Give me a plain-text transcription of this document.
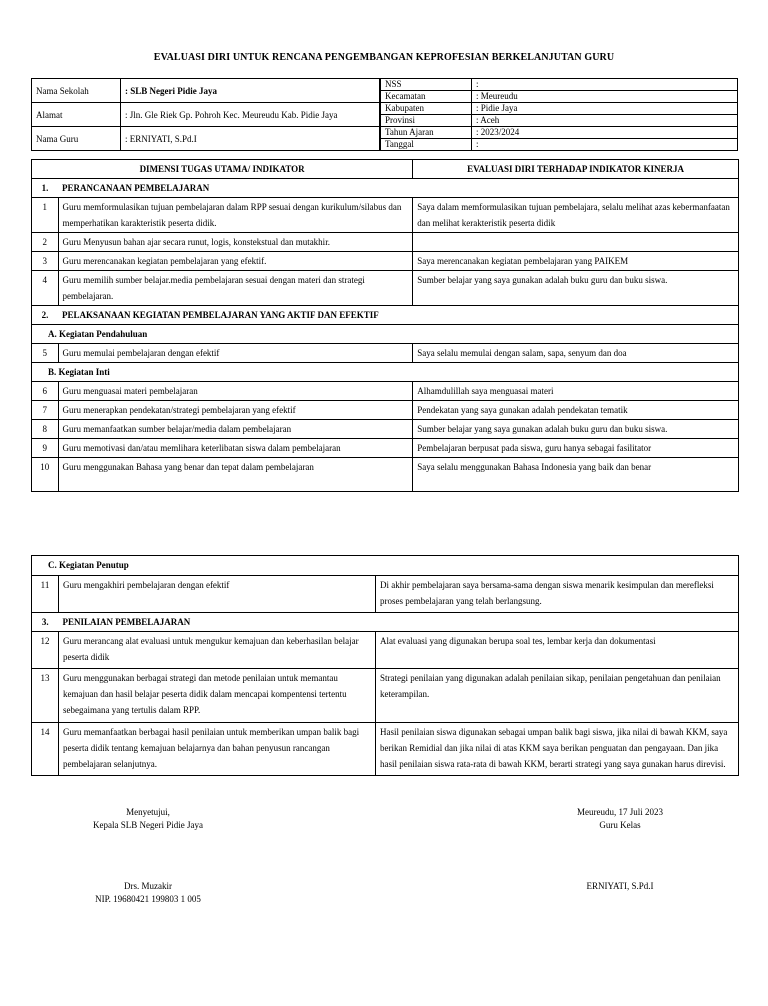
EVALUASI DIRI UNTUK RENCANA PENGEMBANGAN KEPROFESIAN BERKELANJUTAN GURU
Nama Sekolah	: SLB Negeri Pidie Jaya
Alamat	: Jln. Gle Riek Gp. Pohroh Kec. Meureudu Kab. Pidie Jaya
Nama Guru	: ERNIYATI, S.Pd.I
NSS	:
Kecamatan	: Meureudu
Kabupaten	: Pidie Jaya
Provinsi	: Aceh
Tahun Ajaran	: 2023/2024
Tanggal	:
DIMENSI TUGAS UTAMA/ INDIKATOR		EVALUASI DIRI TERHADAP INDIKATOR KINERJA
1.	PERANCANAAN PEMBELAJARAN	
1	Guru memformulasikan tujuan pembelajaran dalam RPP sesuai dengan kurikulum/silabus dan memperhatikan karakteristik peserta didik.	Saya dalam memformulasikan tujuan pembelajara, selalu melihat azas kebermanfaatan dan melihat kerakteristik peserta didik
2	Guru Menyusun bahan ajar secara runut, logis, konstekstual dan mutakhir.	
3	Guru merencanakan kegiatan pembelajaran yang efektif.	Saya merencanakan kegiatan pembelajaran yang PAIKEM
4	Guru memilih sumber belajar.media pembelajaran sesuai dengan materi dan strategi pembelajaran.	Sumber belajar yang saya gunakan adalah buku guru dan buku siswa.
2.	PELAKSANAAN KEGIATAN PEMBELAJARAN YANG AKTIF DAN EFEKTIF	
A. Kegiatan Pendahuluan		
5	Guru memulai pembelajaran dengan efektif	Saya selalu memulai dengan salam, sapa, senyum dan doa
B. Kegiatan Inti		
6	Guru menguasai materi pembelajaran	Alhamdulillah saya menguasai materi
7	Guru menerapkan pendekatan/strategi pembelajaran yang efektif	Pendekatan yang saya gunakan adalah pendekatan tematik
8	Guru memanfaatkan sumber belajar/media dalam pembelajaran	Sumber belajar yang saya gunakan adalah buku guru dan buku siswa.
9	Guru memotivasi dan/atau memlihara keterlibatan siswa dalam pembelajaran	Pembelajaran berpusat pada siswa, guru hanya sebagai fasilitator
10	Guru menggunakan Bahasa yang benar dan tepat dalam pembelajaran	Saya selalu menggunakan Bahasa Indonesia yang baik dan benar
C. Kegiatan Penutup		
11	Guru mengakhiri pembelajaran dengan efektif	Di akhir pembelajaran saya bersama-sama dengan siswa menarik kesimpulan dan merefleksi proses pembelajaran yang telah berlangsung.
3.	PENILAIAN PEMBELAJARAN	
12	Guru merancang alat evaluasi untuk mengukur kemajuan dan keberhasilan belajar peserta didik	Alat evaluasi yang digunakan berupa soal tes, lembar kerja dan dokumentasi
13	Guru menggunakan berbagai strategi dan metode penilaian untuk memantau kemajuan dan hasil belajar peserta didik dalam mencapai kompentensi tertentu sebegaimana yang tertulis dalam RPP.	Strategi penilaian yang digunakan adalah penilaian sikap, penilaian pengetahuan dan penilaian keterampilan.
14	Guru memanfaatkan berbagai hasil penilaian untuk memberikan umpan balik bagi peserta didik tentang kemajuan belajarnya dan bahan penyusun rancangan pembelajaran selanjutnya.	Hasil penilaian siswa digunakan sebagai umpan balik bagi siswa, jika nilai di bawah KKM, saya berikan Remidial dan jika nilai di atas KKM saya berikan penguatan dan pengayaan. Dan jika hasil penilaian siswa rata-rata di bawah KKM, berarti strategi yang saya gunakan harus direvisi.
Menyetujui,
Kepala SLB Negeri Pidie Jaya
Drs. Muzakir
NIP. 19680421 199803 1 005
Meureudu, 17 Juli 2023
Guru Kelas
ERNIYATI, S.Pd.I
